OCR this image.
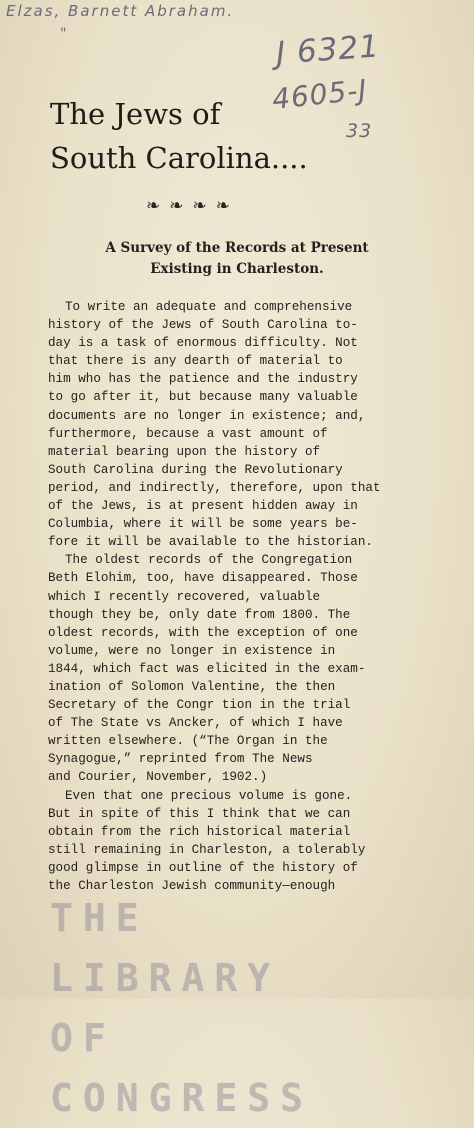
Elzas, Barnett Abraham.
"	J 6321
4605-J
33
The Jews of
South Carolina....
❧❧❧❧
A Survey of the Records at Present
Existing in Charleston.

To write an adequate and comprehensive
history of the Jews of South Carolina to-
day is a task of enormous difficulty. Not
that there is any dearth of material to
him who has the patience and the industry
to go after it, but because many valuable
documents are no longer in existence; and,
furthermore, because a vast amount of
material bearing upon the history of
South Carolina during the Revolutionary
period, and indirectly, therefore, upon that
of the Jews, is at present hidden away in
Columbia, where it will be some years be-
fore it will be available to the historian.

The oldest records of the Congregation
Beth Elohim, too, have disappeared. Those
which I recently recovered, valuable
though they be, only date from 1800. The
oldest records, with the exception of one
volume, were no longer in existence in
1844, which fact was elicited in the exam-
ination of Solomon Valentine, the then
Secretary of the Congr tion in the trial
of The State vs Ancker, of which I have
written elsewhere. (“The Organ in the
Synagogue,” reprinted from The News
and Courier, November, 1902.)

Even that one precious volume is gone.
But in spite of this I think that we can
obtain from the rich historical material
still remaining in Charleston, a tolerably
good glimpse in outline of the history of
the Charleston Jewish community—enough

THE LIBRARY
OF CONGRESS
